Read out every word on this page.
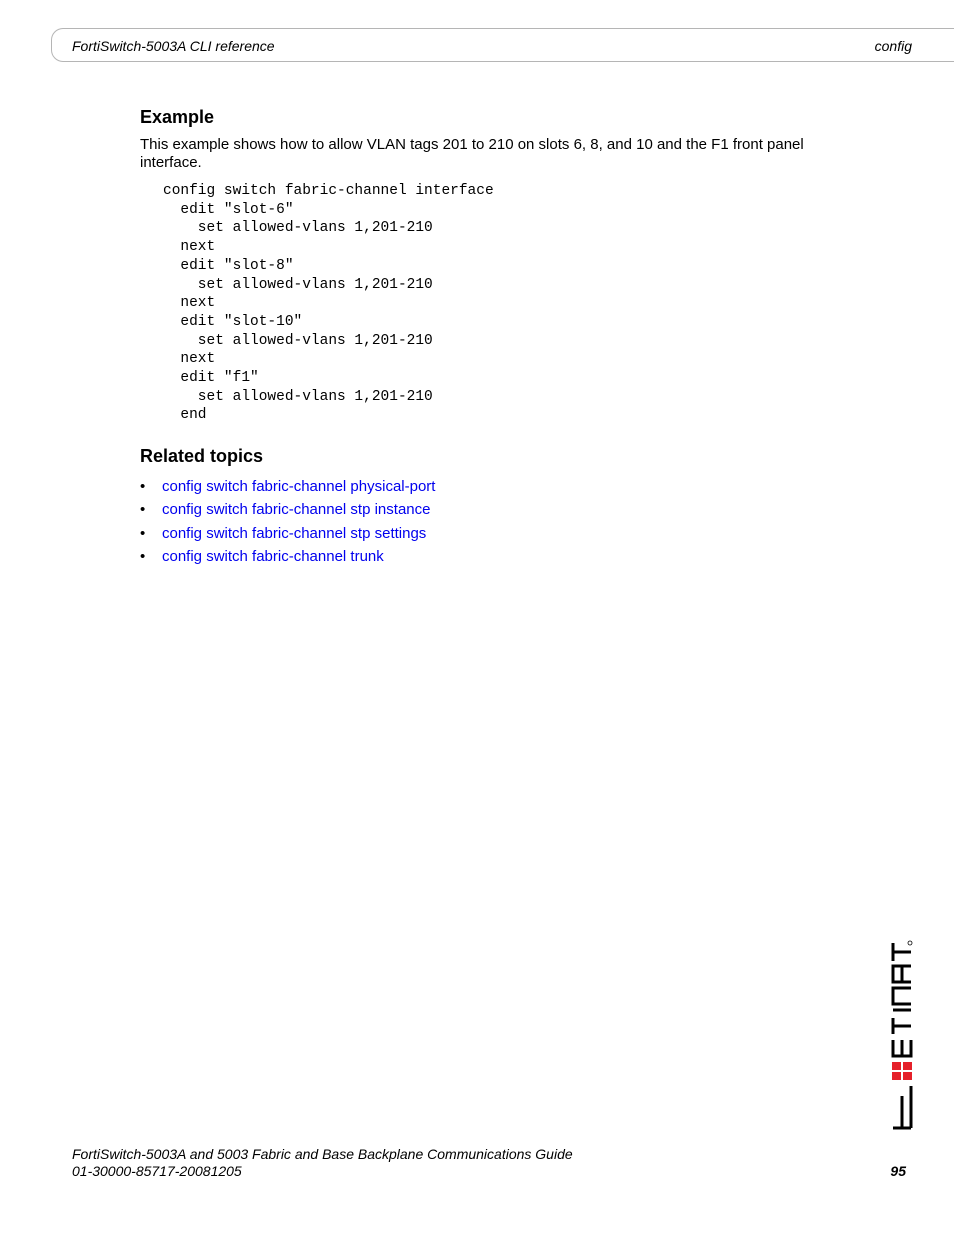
FortiSwitch-5003A CLI reference	config
Example

This example shows how to allow VLAN tags 201 to 210 on slots 6, 8, and 10 and the F1 front panel interface.

config switch fabric-channel interface
edit "slot-6"
set allowed-vlans 1,201-210
next
edit "slot-8"
set allowed-vlans 1,201-210
next
edit "slot-10"
set allowed-vlans 1,201-210
next
edit "f1"
set allowed-vlans 1,201-210
end
Related topics
• config switch fabric-channel physical-port
• config switch fabric-channel stp instance
• config switch fabric-channel stp settings
• config switch fabric-channel trunk
FortiSwitch-5003A and 5003 Fabric and Base Backplane Communications Guide
01-30000-85717-20081205	95
